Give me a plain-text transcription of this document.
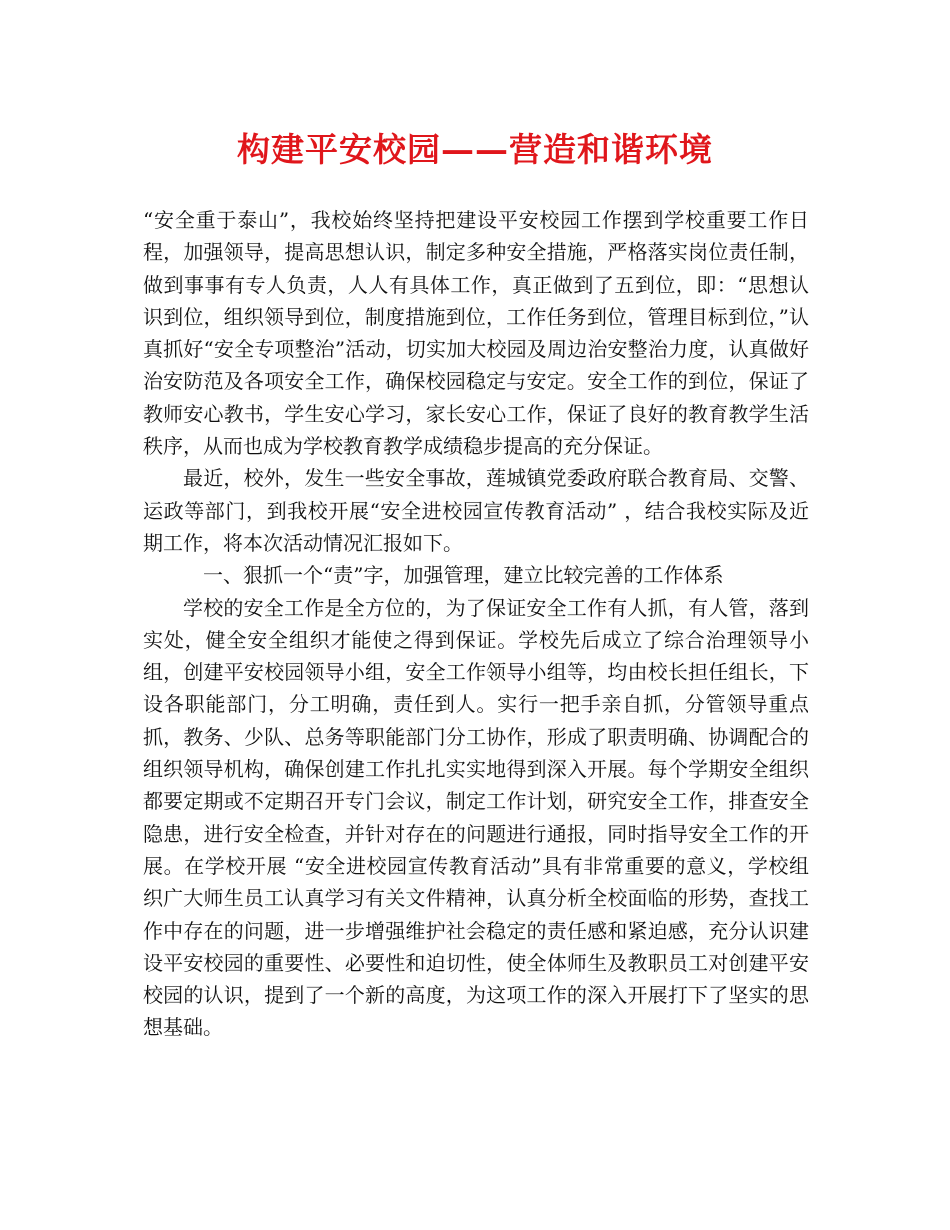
构建平安校园——营造和谐环境

“安全重于泰山”，我校始终坚持把建设平安校园工作摆到学校重要工作日程，加强领导，提高思想认识，制定多种安全措施，严格落实岗位责任制，做到事事有专人负责，人人有具体工作，真正做到了五到位，即：“思想认识到位，组织领导到位，制度措施到位，工作任务到位，管理目标到位，”认真抓好“安全专项整治”活动，切实加大校园及周边治安整治力度，认真做好治安防范及各项安全工作，确保校园稳定与安定。安全工作的到位，保证了教师安心教书，学生安心学习，家长安心工作，保证了良好的教育教学生活秩序，从而也成为学校教育教学成绩稳步提高的充分保证。

最近，校外，发生一些安全事故，莲城镇党委政府联合教育局、交警、运政等部门，到我校开展“安全进校园宣传教育活动” ，结合我校实际及近期工作，将本次活动情况汇报如下。

一、狠抓一个“责”字，加强管理，建立比较完善的工作体系

学校的安全工作是全方位的，为了保证安全工作有人抓，有人管，落到实处，健全安全组织才能使之得到保证。学校先后成立了综合治理领导小组，创建平安校园领导小组，安全工作领导小组等，均由校长担任组长，下设各职能部门，分工明确，责任到人。实行一把手亲自抓，分管领导重点抓，教务、少队、总务等职能部门分工协作，形成了职责明确、协调配合的组织领导机构，确保创建工作扎扎实实地得到深入开展。每个学期安全组织都要定期或不定期召开专门会议，制定工作计划，研究安全工作，排查安全隐患，进行安全检查，并针对存在的问题进行通报，同时指导安全工作的开展。在学校开展 “安全进校园宣传教育活动”具有非常重要的意义，学校组织广大师生员工认真学习有关文件精神，认真分析全校面临的形势，查找工作中存在的问题，进一步增强维护社会稳定的责任感和紧迫感，充分认识建设平安校园的重要性、必要性和迫切性，使全体师生及教职员工对创建平安校园的认识，提到了一个新的高度，为这项工作的深入开展打下了坚实的思想基础。
